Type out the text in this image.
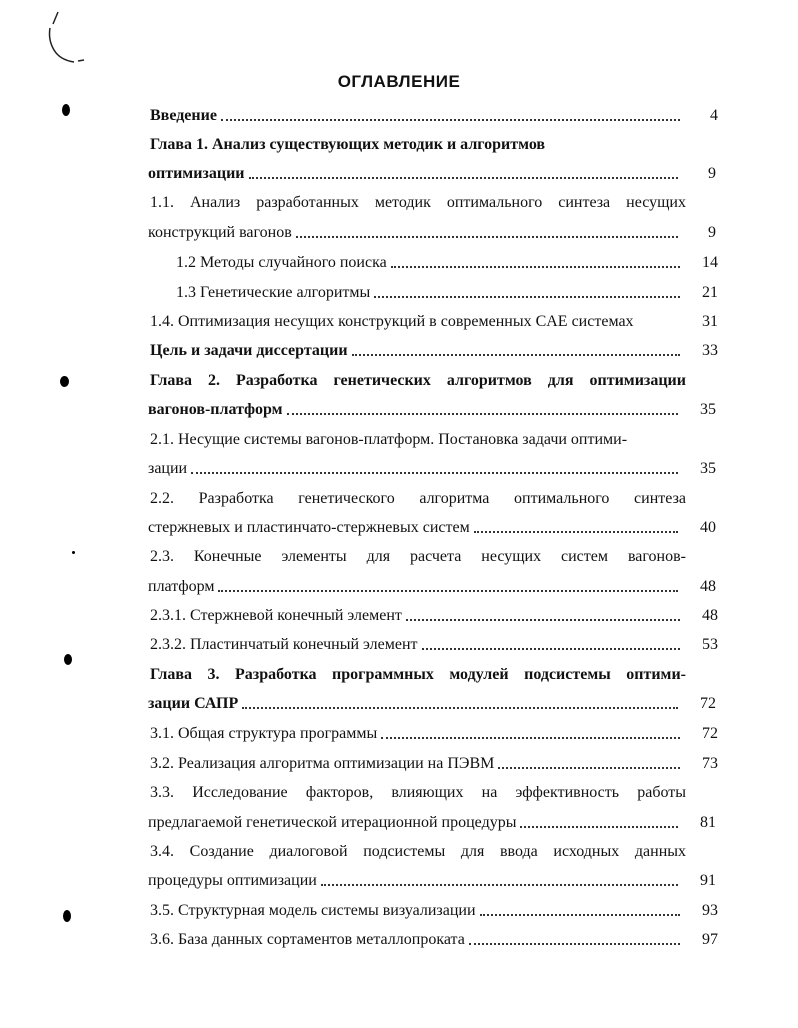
ОГЛАВЛЕНИЕ
Введение	4
Глава 1. Анализ существующих методик и алгоритмов
оптимизации	9
1.1. Анализ разработанных методик оптимального синтеза несущих
конструкций вагонов	9
1.2 Методы случайного поиска	14
1.3 Генетические алгоритмы	21
1.4. Оптимизация несущих конструкций в современных CAE системах	31
Цель и задачи диссертации	33
Глава 2. Разработка генетических алгоритмов для оптимизации
вагонов-платформ	35
2.1. Несущие системы вагонов-платформ. Постановка задачи оптими-
зации	35
2.2. Разработка генетического алгоритма оптимального синтеза
стержневых и пластинчато-стержневых систем	40
2.3. Конечные элементы для расчета несущих систем вагонов-
платформ	48
2.3.1. Стержневой конечный элемент	48
2.3.2. Пластинчатый конечный элемент	53
Глава 3. Разработка программных модулей подсистемы оптими-
зации САПР	72
3.1. Общая структура программы	72
3.2. Реализация алгоритма оптимизации на ПЭВМ	73
3.3. Исследование факторов, влияющих на эффективность работы
предлагаемой генетической итерационной процедуры	81
3.4. Создание диалоговой подсистемы для ввода исходных данных
процедуры оптимизации	91
3.5. Структурная модель системы визуализации	93
3.6. База данных сортаментов металлопроката	97
